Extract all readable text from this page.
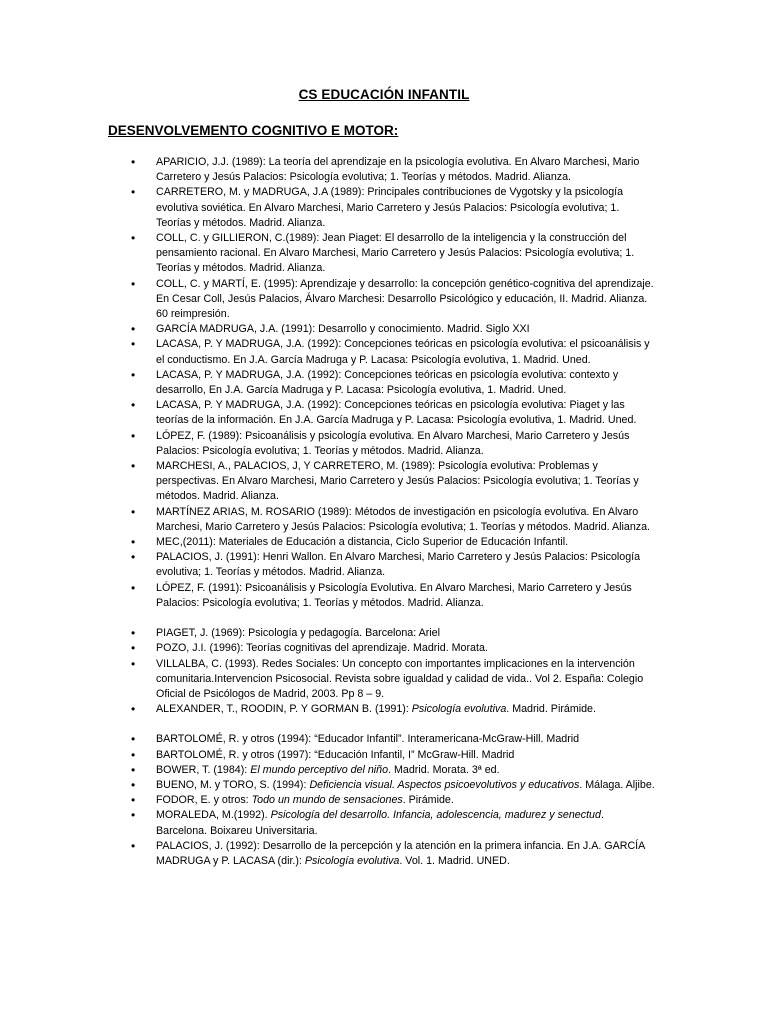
CS EDUCACIÓN INFANTIL
DESENVOLVEMENTO COGNITIVO E MOTOR:
• APARICIO, J.J. (1989): La teoría del aprendizaje en la psicología evolutiva. En Alvaro Marchesi, Mario Carretero y Jesús Palacios: Psicología evolutiva; 1. Teorías y métodos. Madrid. Alianza.
• CARRETERO, M. y MADRUGA, J.A (1989): Principales contribuciones de Vygotsky y la psicología evolutiva soviética. En Alvaro Marchesi, Mario Carretero y Jesús Palacios: Psicología evolutiva; 1. Teorías y métodos. Madrid. Alianza.
• COLL, C. y GILLIERON, C.(1989): Jean Piaget: El desarrollo de la inteligencia y la construcción del pensamiento racional. En Alvaro Marchesi, Mario Carretero y Jesús Palacios: Psicología evolutiva; 1. Teorías y métodos. Madrid. Alianza.
• COLL, C. y MARTÍ, E. (1995): Aprendizaje y desarrollo: la concepción genético-cognitiva del aprendizaje. En Cesar Coll, Jesús Palacios, Álvaro Marchesi: Desarrollo Psicológico y educación, II. Madrid. Alianza. 60 reimpresión.
• GARCÍA MADRUGA, J.A. (1991): Desarrollo y conocimiento. Madrid. Siglo XXI
• LACASA, P. Y MADRUGA, J.A. (1992): Concepciones teóricas en psicología evolutiva: el psicoanálisis y el conductismo. En J.A. García Madruga y P. Lacasa: Psicología evolutiva, 1. Madrid. Uned.
• LACASA, P. Y MADRUGA, J.A. (1992): Concepciones teóricas en psicología evolutiva: contexto y desarrollo, En J.A. García Madruga y P. Lacasa: Psicología evolutiva, 1. Madrid. Uned.
• LACASA, P. Y MADRUGA, J.A. (1992): Concepciones teóricas en psicología evolutiva: Piaget y las teorías de la información. En J.A. García Madruga y P. Lacasa: Psicología evolutiva, 1. Madrid. Uned.
• LÓPEZ, F. (1989): Psicoanálisis y psicología evolutiva. En Alvaro Marchesi, Mario Carretero y Jesús Palacios: Psicología evolutiva; 1. Teorías y métodos. Madrid. Alianza.
• MARCHESI, A., PALACIOS, J, Y CARRETERO, M. (1989): Psicología evolutiva: Problemas y perspectivas. En Alvaro Marchesi, Mario Carretero y Jesús Palacios: Psicología evolutiva; 1. Teorías y métodos. Madrid. Alianza.
• MARTÍNEZ ARIAS, M. ROSARIO (1989): Métodos de investigación en psicología evolutiva. En Alvaro Marchesi, Mario Carretero y Jesús Palacios: Psicología evolutiva; 1. Teorías y métodos. Madrid. Alianza.
• MEC,(2011): Materiales de Educación a distancia, Ciclo Superior de Educación Infantil.
• PALACIOS, J. (1991): Henri Wallon. En Alvaro Marchesi, Mario Carretero y Jesús Palacios: Psicología evolutiva; 1. Teorías y métodos. Madrid. Alianza.
• LÓPEZ, F. (1991): Psicoanálisis y Psicología Evolutiva. En Alvaro Marchesi, Mario Carretero y Jesús Palacios: Psicología evolutiva; 1. Teorías y métodos. Madrid. Alianza.
• PIAGET, J. (1969): Psicología y pedagogía. Barcelona: Ariel
• POZO, J.I. (1996): Teorías cognitivas del aprendizaje. Madrid. Morata.
• VILLALBA, C. (1993). Redes Sociales: Un concepto con importantes implicaciones en la intervención comunitaria.Intervencion Psicosocial. Revista sobre igualdad y calidad de vida.. Vol 2. España: Colegio Oficial de Psicólogos de Madrid, 2003. Pp 8 – 9.
• ALEXANDER, T., ROODIN, P. Y GORMAN B. (1991): Psicología evolutiva. Madrid. Pirámide.
• BARTOLOMÉ, R. y otros (1994): “Educador Infantil”. Interamericana-McGraw-Hill. Madrid
• BARTOLOMÉ, R. y otros (1997): “Educación Infantil, I” McGraw-Hill. Madrid
• BOWER, T. (1984): El mundo perceptivo del niño. Madrid. Morata. 3ª ed.
• BUENO, M. y TORO, S. (1994): Deficiencia visual. Aspectos psicoevolutivos y educativos. Málaga. Aljibe.
• FODOR, E. y otros: Todo un mundo de sensaciones. Pirámide.
• MORALEDA, M.(1992). Psicología del desarrollo. Infancia, adolescencia, madurez y senectud. Barcelona. Boixareu Universitaria.
• PALACIOS, J. (1992): Desarrollo de la percepción y la atención en la primera infancia. En J.A. GARCÍA MADRUGA y P. LACASA (dir.): Psicología evolutiva. Vol. 1. Madrid. UNED.
